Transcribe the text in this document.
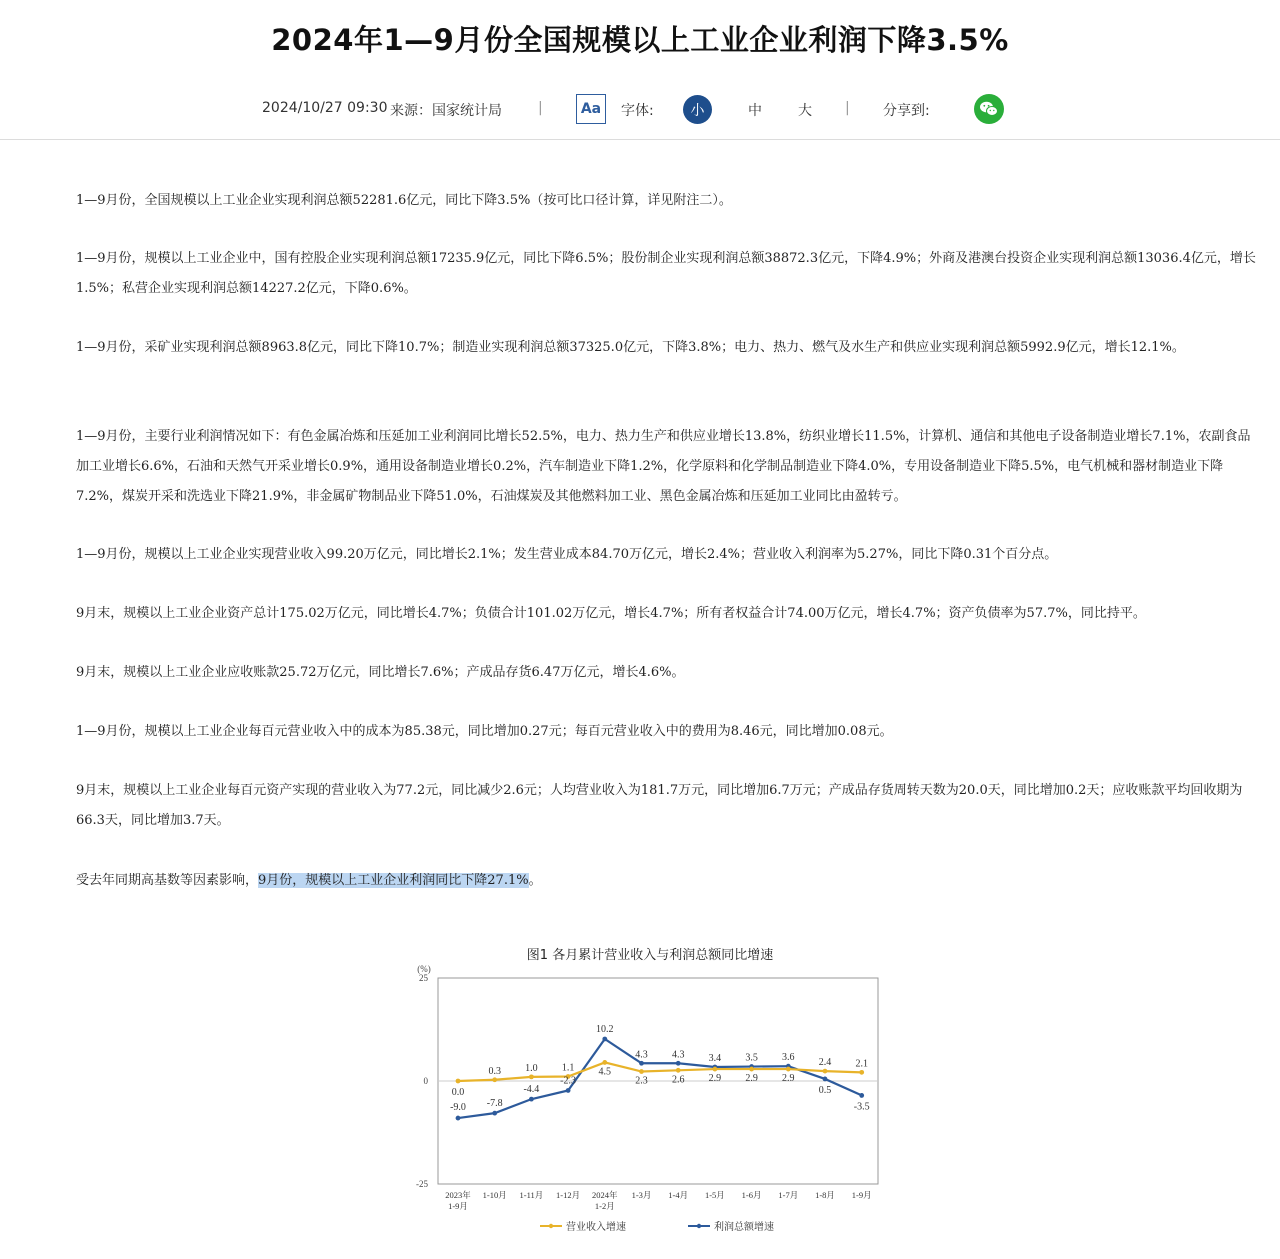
2024年1—9月份全国规模以上工业企业利润下降3.5%
2024/10/27 09:30 来源：国家统计局	|	Aa	字体:	小	中	大 | 分享到:

1—9月份，全国规模以上工业企业实现利润总额52281.6亿元，同比下降3.5%（按可比口径计算，详见附注二）。

1—9月份，规模以上工业企业中，国有控股企业实现利润总额17235.9亿元，同比下降6.5%；股份制企业实现利润总额38872.3亿元，下降4.9%；外商及港澳台投资企业实现利润总额13036.4亿元，增长1.5%；私营企业实现利润总额14227.2亿元，下降0.6%。

1—9月份，采矿业实现利润总额8963.8亿元，同比下降10.7%；制造业实现利润总额37325.0亿元，下降3.8%；电力、热力、燃气及水生产和供应业实现利润总额5992.9亿元，增长12.1%。

1—9月份，主要行业利润情况如下：有色金属冶炼和压延加工业利润同比增长52.5%，电力、热力生产和供应业增长13.8%，纺织业增长11.5%，计算机、通信和其他电子设备制造业增长7.1%，农副食品加工业增长6.6%，石油和天然气开采业增长0.9%，通用设备制造业增长0.2%，汽车制造业下降1.2%，化学原料和化学制品制造业下降4.0%，专用设备制造业下降5.5%，电气机械和器材制造业下降7.2%，煤炭开采和洗选业下降21.9%，非金属矿物制品业下降51.0%，石油煤炭及其他燃料加工业、黑色金属冶炼和压延加工业同比由盈转亏。

1—9月份，规模以上工业企业实现营业收入99.20万亿元，同比增长2.1%；发生营业成本84.70万亿元，增长2.4%；营业收入利润率为5.27%，同比下降0.31个百分点。

9月末，规模以上工业企业资产总计175.02万亿元，同比增长4.7%；负债合计101.02万亿元，增长4.7%；所有者权益合计74.00万亿元，增长4.7%；资产负债率为57.7%，同比持平。

9月末，规模以上工业企业应收账款25.72万亿元，同比增长7.6%；产成品存货6.47万亿元，增长4.6%。

1—9月份，规模以上工业企业每百元营业收入中的成本为85.38元，同比增加0.27元；每百元营业收入中的费用为8.46元，同比增加0.08元。

9月末，规模以上工业企业每百元资产实现的营业收入为77.2元，同比减少2.6元；人均营业收入为181.7万元，同比增加6.7万元；产成品存货周转天数为20.0天，同比增加0.2天；应收账款平均回收期为66.3天，同比增加3.7天。

受去年同期高基数等因素影响，9月份，规模以上工业企业利润同比下降27.1%。

图1 各月累计营业收入与利润总额同比增速
(%)
25
0
-25
2023年
1-9月
1-10月 1-11月 1-12月 2024年
1-2月
1-3月 1-4月 1-5月 1-6月 1-7月 1-8月 1-9月
0.0
0.3 1.0 1.1 4.5
2.3 2.6 2.9 2.9 2.9
2.4 2.1
-9.0 -7.8
-4.4
-2.3
10.2
4.3 4.3 3.4 3.5 3.6
0.5
-3.5
营业收入增速	利润总额增速
